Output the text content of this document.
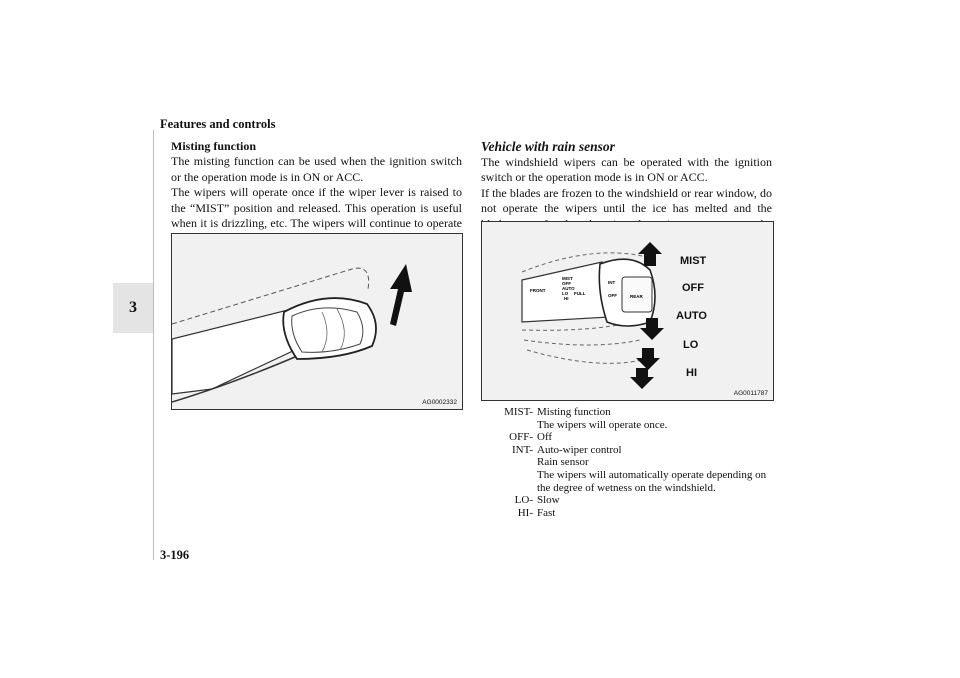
Features and controls
3
3-196
Misting function
The misting function can be used when the ignition switch or the operation mode is in ON or ACC.
The wipers will operate once if the wiper lever is raised to the “MIST” position and released. This operation is useful when it is drizzling, etc. The wipers will continue to operate
AG0002332
Vehicle with rain sensor
The windshield wipers can be operated with the ignition switch or the operation mode is in ON or ACC.
If the blades are frozen to the windshield or rear window, do not operate the wipers until the ice has melted and the
FRONT
MIST
OFF
AUTO
LO FULL
HI
INT
OFF	REAR
MIST
OFF
AUTO
LO
HI
AG0011787
MIST- Misting function
The wipers will operate once.
OFF- Off
INT- Auto-wiper control
Rain sensor
The wipers will automatically operate depending on the degree of wetness on the windshield.
LO- Slow
HI- Fast
